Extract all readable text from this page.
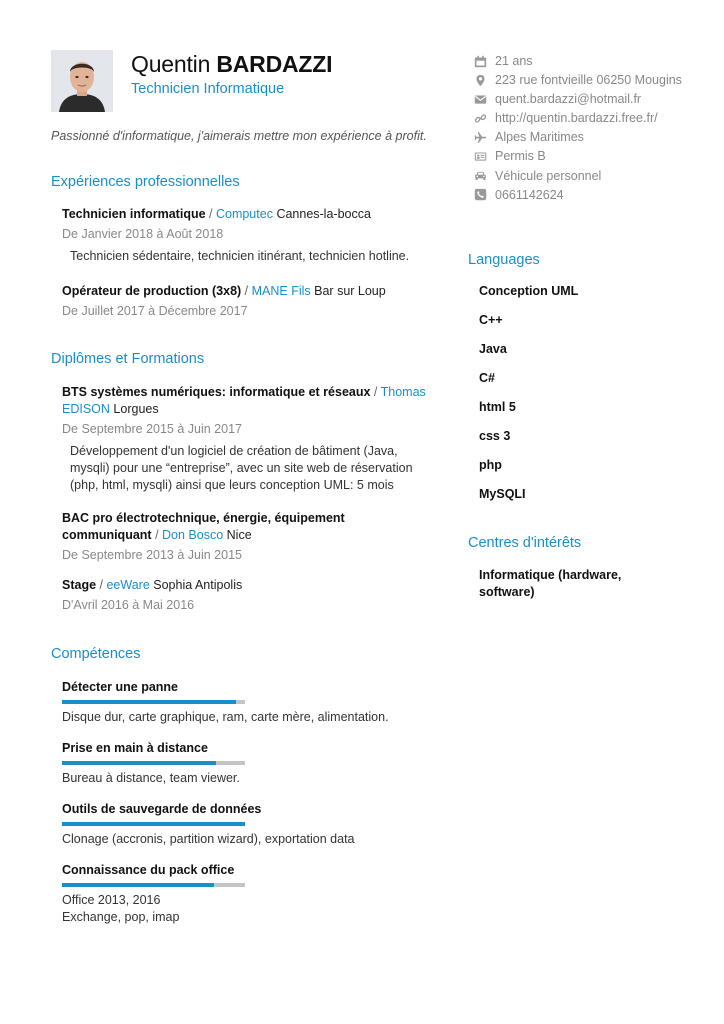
Quentin BARDAZZI
Technicien Informatique
Passionné d'informatique, j'aimerais mettre mon expérience à profit.
21 ans
223 rue fontvieille 06250 Mougins
quent.bardazzi@hotmail.fr
http://quentin.bardazzi.free.fr/
Alpes Maritimes
Permis B
Véhicule personnel
0661142624
Expériences professionnelles
Technicien informatique / Computec Cannes-la-bocca
De Janvier 2018 à Août 2018
Technicien sédentaire, technicien itinérant, technicien hotline.
Opérateur de production (3x8) / MANE Fils Bar sur Loup
De Juillet 2017 à Décembre 2017
Diplômes et Formations
BTS systèmes numériques: informatique et réseaux / Thomas EDISON Lorgues
De Septembre 2015 à Juin 2017
Développement d'un logiciel de création de bâtiment (Java, mysqli) pour une “entreprise”, avec un site web de réservation (php, html, mysqli) ainsi que leurs conception UML: 5 mois
BAC pro électrotechnique, énergie, équipement communiquant / Don Bosco Nice
De Septembre 2013 à Juin 2015
Stage / eeWare Sophia Antipolis
D'Avril 2016 à Mai 2016
Compétences
Détecter une panne
Disque dur, carte graphique, ram, carte mère, alimentation.
Prise en main à distance
Bureau à distance, team viewer.
Outils de sauvegarde de données
Clonage (accronis, partition wizard), exportation data
Connaissance du pack office
Office 2013, 2016
Exchange, pop, imap
Languages
Conception UML
C++
Java
C#
html 5
css 3
php
MySQLI
Centres d'intérêts
Informatique (hardware, software)
